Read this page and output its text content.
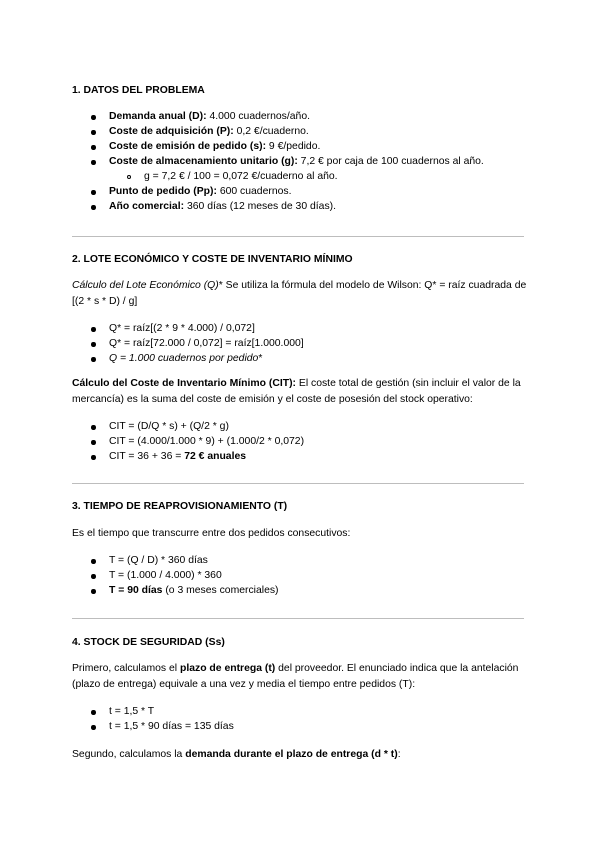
1. DATOS DEL PROBLEMA
Demanda anual (D): 4.000 cuadernos/año.
Coste de adquisición (P): 0,2 €/cuaderno.
Coste de emisión de pedido (s): 9 €/pedido.
Coste de almacenamiento unitario (g): 7,2 € por caja de 100 cuadernos al año.
g = 7,2 € / 100 = 0,072 €/cuaderno al año.
Punto de pedido (Pp): 600 cuadernos.
Año comercial: 360 días (12 meses de 30 días).
2. LOTE ECONÓMICO Y COSTE DE INVENTARIO MÍNIMO
Cálculo del Lote Económico (Q)* Se utiliza la fórmula del modelo de Wilson: Q* = raíz cuadrada de [(2 * s * D) / g]
Q* = raíz[(2 * 9 * 4.000) / 0,072]
Q* = raíz[72.000 / 0,072] = raíz[1.000.000]
Q = 1.000 cuadernos por pedido*
Cálculo del Coste de Inventario Mínimo (CIT): El coste total de gestión (sin incluir el valor de la mercancía) es la suma del coste de emisión y el coste de posesión del stock operativo:
CIT = (D/Q * s) + (Q/2 * g)
CIT = (4.000/1.000 * 9) + (1.000/2 * 0,072)
CIT = 36 + 36 = 72 € anuales
3. TIEMPO DE REAPROVISIONAMIENTO (T)
Es el tiempo que transcurre entre dos pedidos consecutivos:
T = (Q / D) * 360 días
T = (1.000 / 4.000) * 360
T = 90 días (o 3 meses comerciales)
4. STOCK DE SEGURIDAD (Ss)
Primero, calculamos el plazo de entrega (t) del proveedor. El enunciado indica que la antelación (plazo de entrega) equivale a una vez y media el tiempo entre pedidos (T):
t = 1,5 * T
t = 1,5 * 90 días = 135 días
Segundo, calculamos la demanda durante el plazo de entrega (d * t):
